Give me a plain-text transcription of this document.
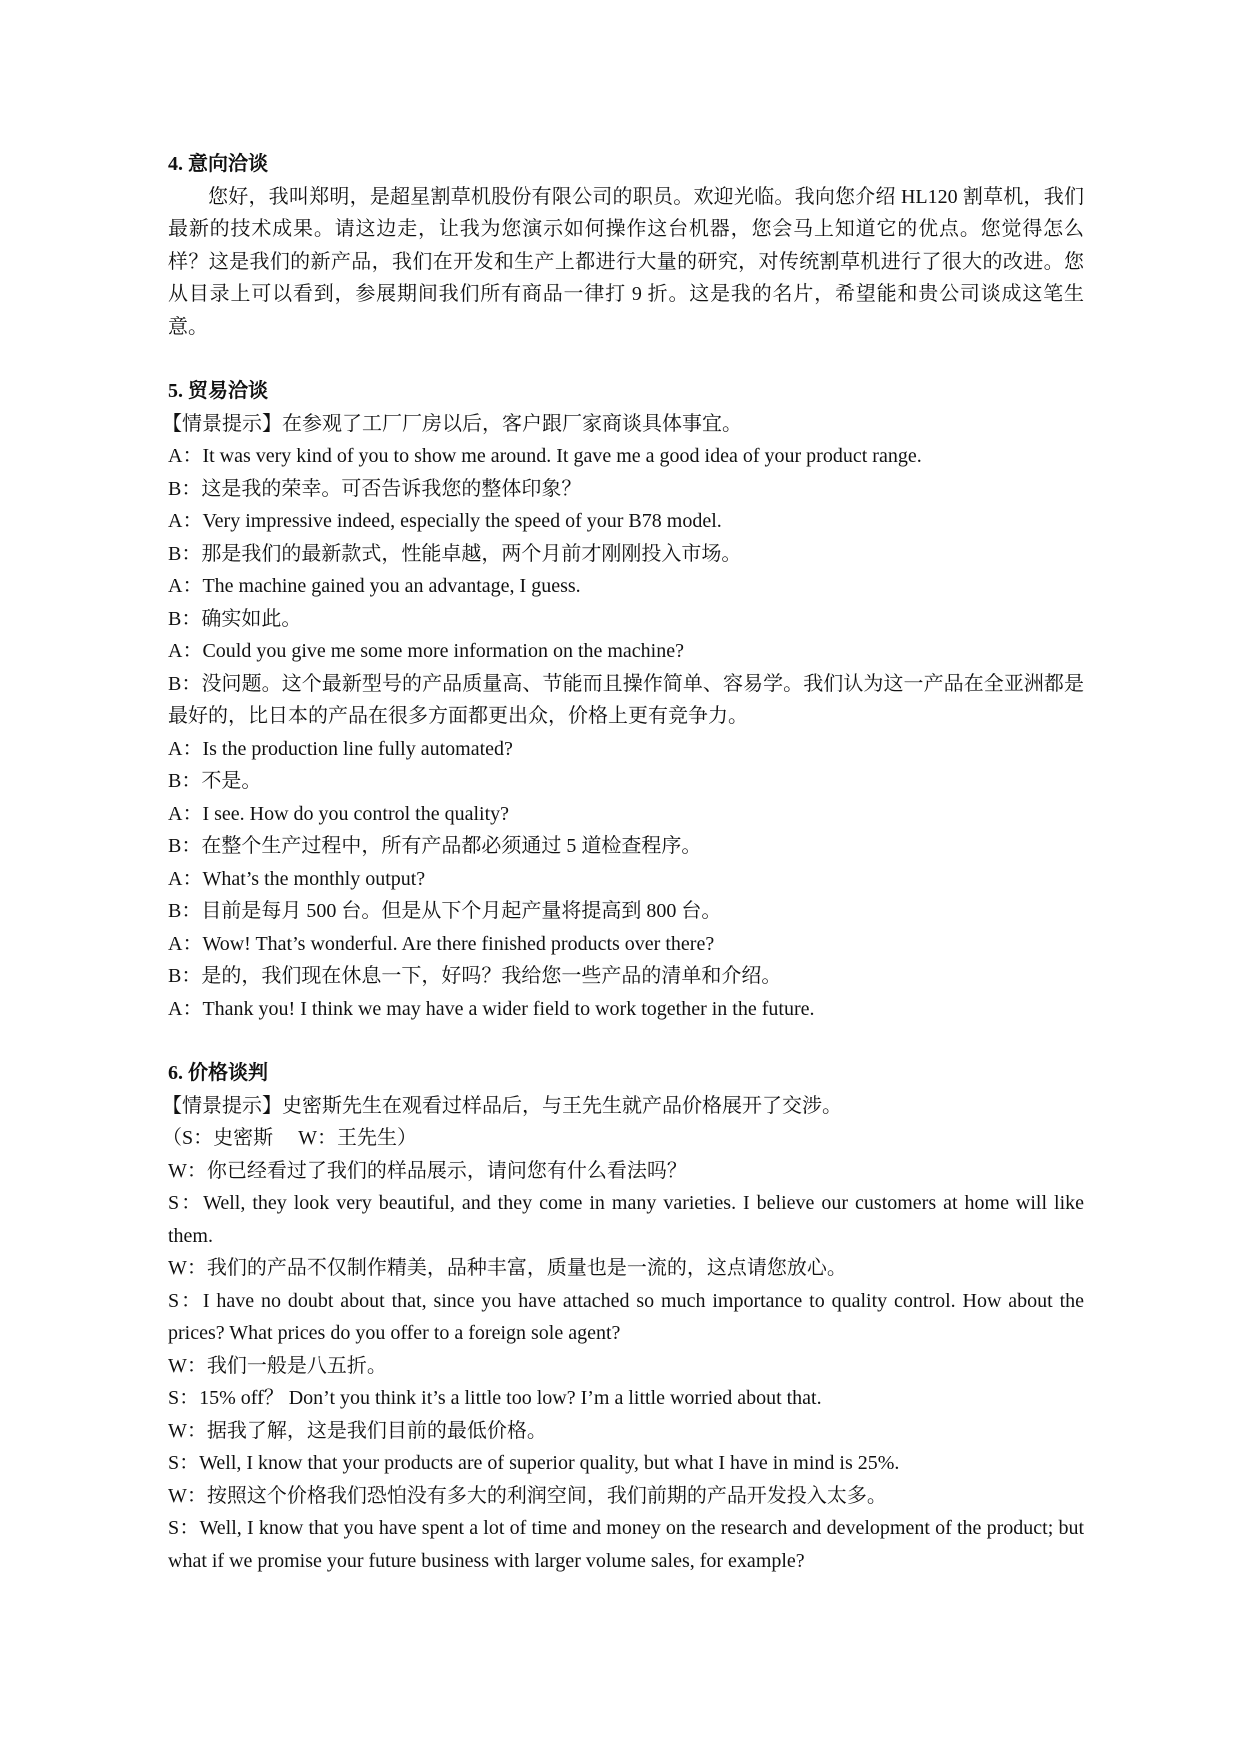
4. 意向洽谈

您好，我叫郑明，是超星割草机股份有限公司的职员。欢迎光临。我向您介绍 HL120 割草机，我们最新的技术成果。请这边走，让我为您演示如何操作这台机器，您会马上知道它的优点。您觉得怎么样？这是我们的新产品，我们在开发和生产上都进行大量的研究，对传统割草机进行了很大的改进。您从目录上可以看到，参展期间我们所有商品一律打 9 折。这是我的名片，希望能和贵公司谈成这笔生意。

5. 贸易洽谈

【情景提示】在参观了工厂厂房以后，客户跟厂家商谈具体事宜。

A：It was very kind of you to show me around. It gave me a good idea of your product range.

B：这是我的荣幸。可否告诉我您的整体印象？

A：Very impressive indeed, especially the speed of your B78 model.

B：那是我们的最新款式，性能卓越，两个月前才刚刚投入市场。

A：The machine gained you an advantage, I guess.

B：确实如此。

A：Could you give me some more information on the machine?

B：没问题。这个最新型号的产品质量高、节能而且操作简单、容易学。我们认为这一产品在全亚洲都是最好的，比日本的产品在很多方面都更出众，价格上更有竞争力。

A：Is the production line fully automated?

B：不是。

A：I see. How do you control the quality?

B：在整个生产过程中，所有产品都必须通过 5 道检查程序。

A：What’s the monthly output?

B：目前是每月 500 台。但是从下个月起产量将提高到 800 台。

A：Wow! That’s wonderful. Are there finished products over there?

B：是的，我们现在休息一下，好吗？我给您一些产品的清单和介绍。

A：Thank you! I think we may have a wider field to work together in the future.

6. 价格谈判

【情景提示】史密斯先生在观看过样品后，与王先生就产品价格展开了交涉。

（S：史密斯　 W：王先生）

W：你已经看过了我们的样品展示，请问您有什么看法吗？

S：Well, they look very beautiful, and they come in many varieties. I believe our customers at home will like them.

W：我们的产品不仅制作精美，品种丰富，质量也是一流的，这点请您放心。

S：I have no doubt about that, since you have attached so much importance to quality control. How about the prices? What prices do you offer to a foreign sole agent?

W：我们一般是八五折。

S：15% off？ Don’t you think it’s a little too low? I’m a little worried about that.

W：据我了解，这是我们目前的最低价格。

S：Well, I know that your products are of superior quality, but what I have in mind is 25%.

W：按照这个价格我们恐怕没有多大的利润空间，我们前期的产品开发投入太多。

S：Well, I know that you have spent a lot of time and money on the research and development of the product; but what if we promise your future business with larger volume sales, for example?
